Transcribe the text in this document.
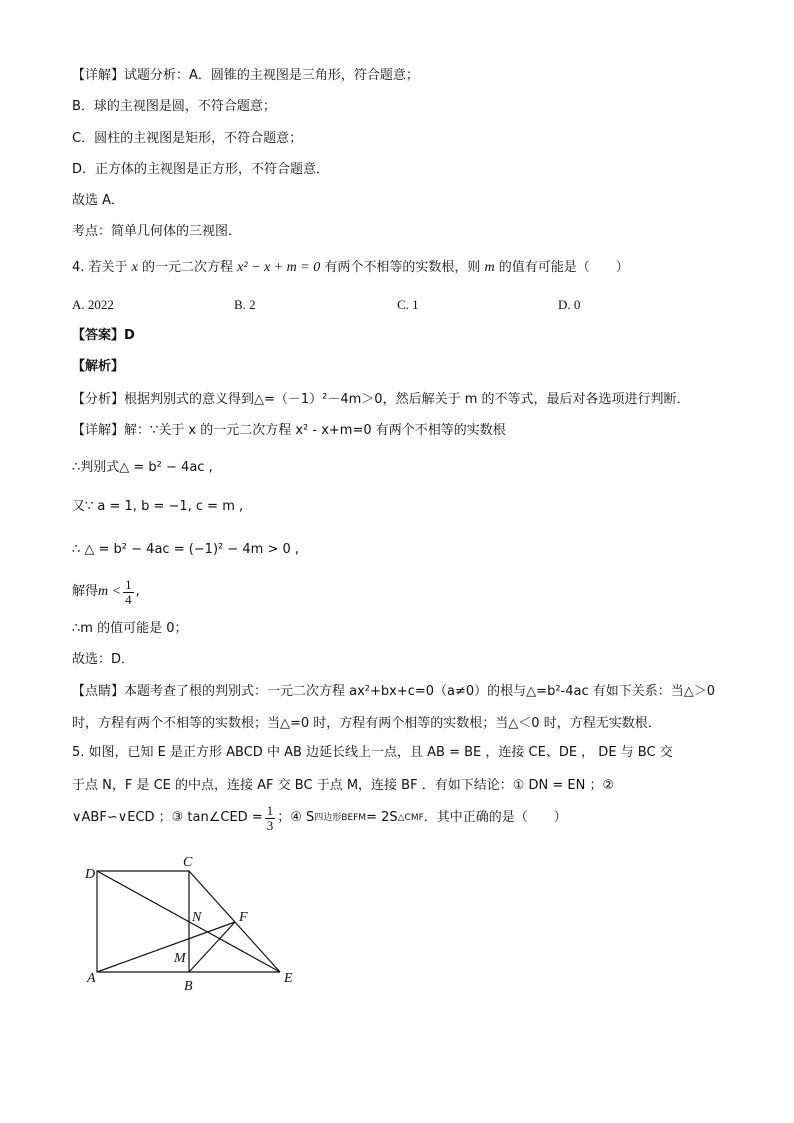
【详解】试题分析：A．圆锥的主视图是三角形，符合题意；
B．球的主视图是圆，不符合题意；
C．圆柱的主视图是矩形，不符合题意；
D．正方体的主视图是正方形，不符合题意．
故选 A．
考点：简单几何体的三视图．
4. 若关于 x 的一元二次方程 x² − x + m = 0 有两个不相等的实数根，则 m 的值有可能是（　　）
A. 2022	B. 2	C. 1	D. 0
【答案】D
【解析】
【分析】根据判别式的意义得到△=（－1）²－4m＞0，然后解关于 m 的不等式，最后对各选项进行判断．
【详解】解：∵关于 x 的一元二次方程 x² - x+m=0 有两个不相等的实数根
∴判别式△ = b² − 4ac ,
又∵ a = 1, b = −1, c = m ,
∴ △ = b² − 4ac = (−1)² − 4m > 0 ,
解得 $m < \frac{1}{4}$ ,
∴m 的值可能是 0；
故选：D．
【点睛】本题考查了根的判别式：一元二次方程 ax²+bx+c=0（a≠0）的根与△=b²-4ac 有如下关系：当△＞0
时，方程有两个不相等的实数根；当△=0 时，方程有两个相等的实数根；当△＜0 时，方程无实数根．
5. 如图，已知 E 是正方形 ABCD 中 AB 边延长线上一点，且 AB = BE ，连接 CE、DE ， DE 与 BC 交
于点 N，F 是 CE 的中点，连接 AF 交 BC 于点 M，连接 BF ．有如下结论：① DN = EN ；②
∨ABF∽∨ECD ；③ tan∠CED = $\frac{1}{3}$ ；④ S 四边形BEFM = 2S △CMF ．其中正确的是（　　）
D
C
N	F
M
A
B
E
